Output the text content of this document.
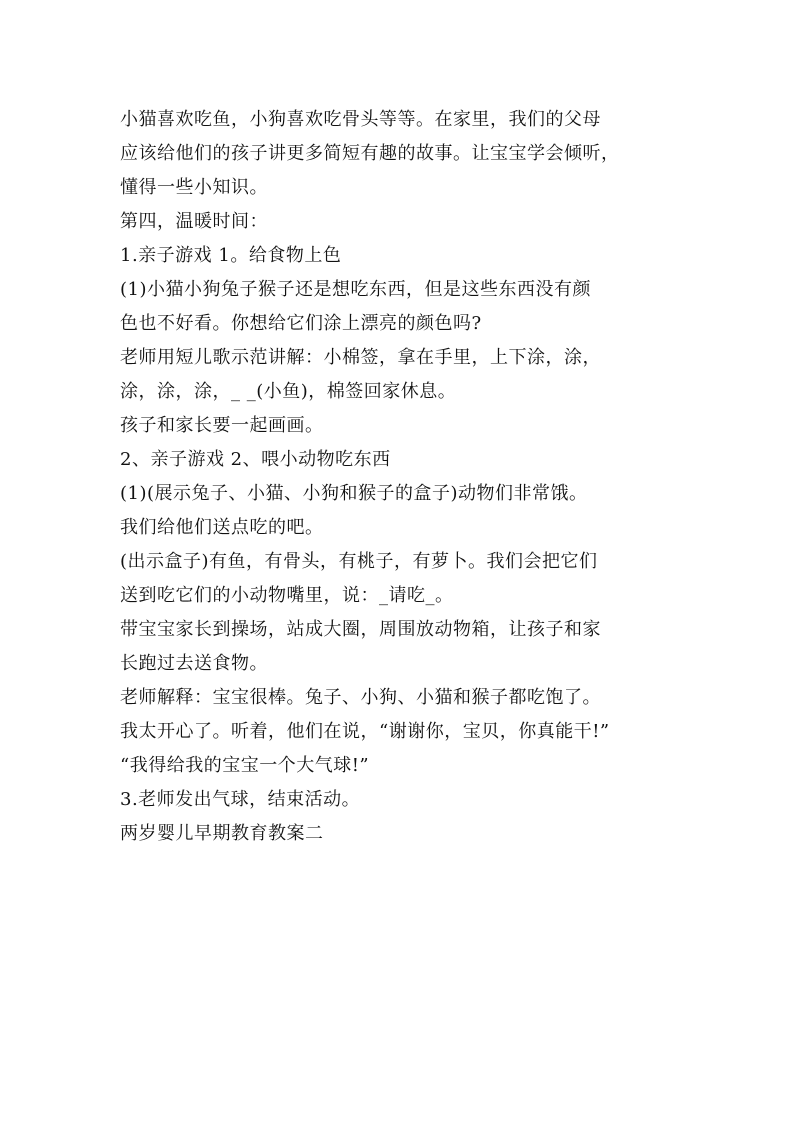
小猫喜欢吃鱼，小狗喜欢吃骨头等等。在家里，我们的父母
应该给他们的孩子讲更多简短有趣的故事。让宝宝学会倾听，
懂得一些小知识。
第四，温暖时间：
1.亲子游戏 1。给食物上色
(1)小猫小狗兔子猴子还是想吃东西，但是这些东西没有颜
色也不好看。你想给它们涂上漂亮的颜色吗?
老师用短儿歌示范讲解：小棉签，拿在手里，上下涂，涂，
涂，涂，涂，_ _(小鱼)，棉签回家休息。
孩子和家长要一起画画。
2、亲子游戏 2、喂小动物吃东西
(1)(展示兔子、小猫、小狗和猴子的盒子)动物们非常饿。
我们给他们送点吃的吧。
(出示盒子)有鱼，有骨头，有桃子，有萝卜。我们会把它们
送到吃它们的小动物嘴里，说：_请吃_。
带宝宝家长到操场，站成大圈，周围放动物箱，让孩子和家
长跑过去送食物。
老师解释：宝宝很棒。兔子、小狗、小猫和猴子都吃饱了。
我太开心了。听着，他们在说，“谢谢你，宝贝，你真能干!”
“我得给我的宝宝一个大气球!”
3.老师发出气球，结束活动。
两岁婴儿早期教育教案二
